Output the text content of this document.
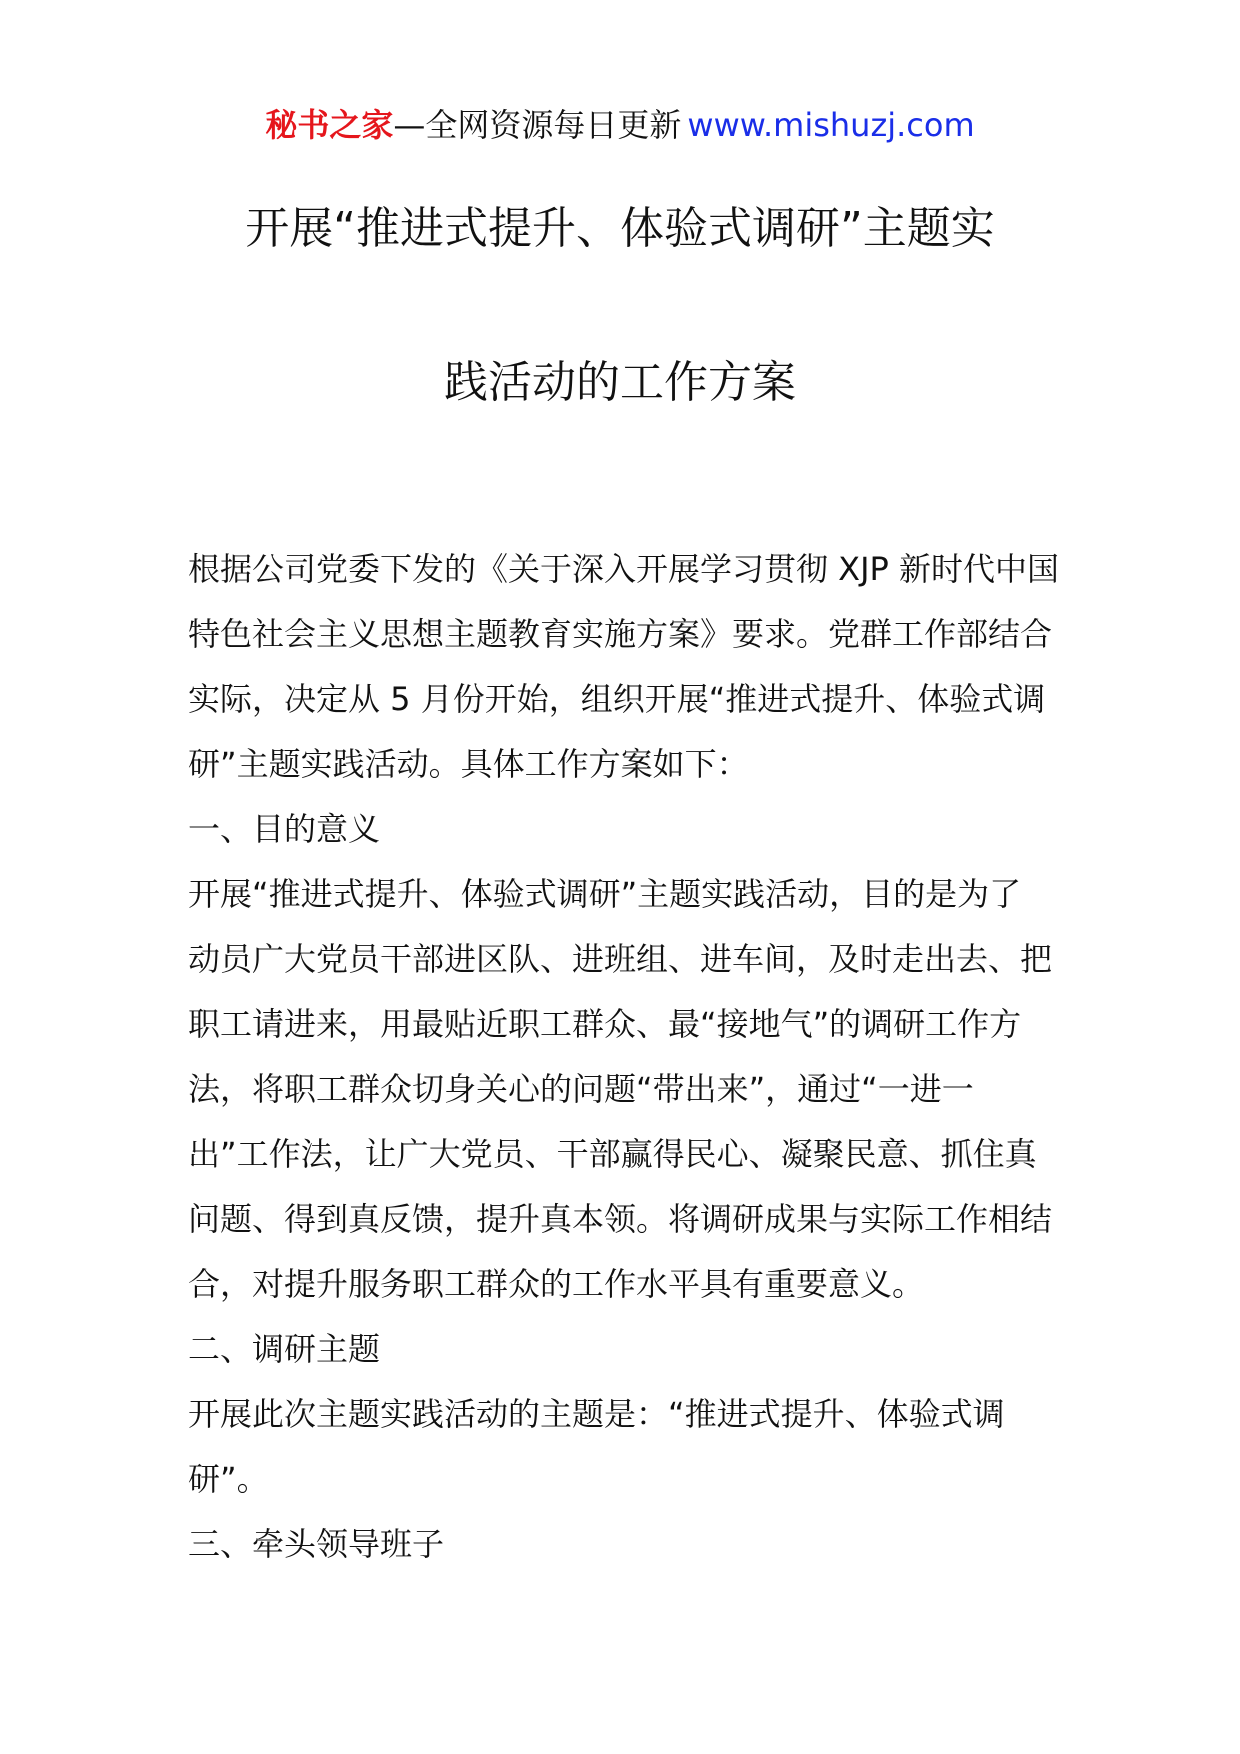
秘书之家—全网资源每日更新 www.mishuzj.com
开展“推进式提升、体验式调研”主题实
践活动的工作方案
根据公司党委下发的《关于深入开展学习贯彻 XJP 新时代中国
特色社会主义思想主题教育实施方案》要求。党群工作部结合
实际，决定从 5 月份开始，组织开展“推进式提升、体验式调
研”主题实践活动。具体工作方案如下：
一、目的意义
开展“推进式提升、体验式调研”主题实践活动，目的是为了
动员广大党员干部进区队、进班组、进车间，及时走出去、把
职工请进来，用最贴近职工群众、最“接地气”的调研工作方
法，将职工群众切身关心的问题“带出来”，通过“一进一
出”工作法，让广大党员、干部赢得民心、凝聚民意、抓住真
问题、得到真反馈，提升真本领。将调研成果与实际工作相结
合，对提升服务职工群众的工作水平具有重要意义。
二、调研主题
开展此次主题实践活动的主题是：“推进式提升、体验式调
研”。
三、牵头领导班子
